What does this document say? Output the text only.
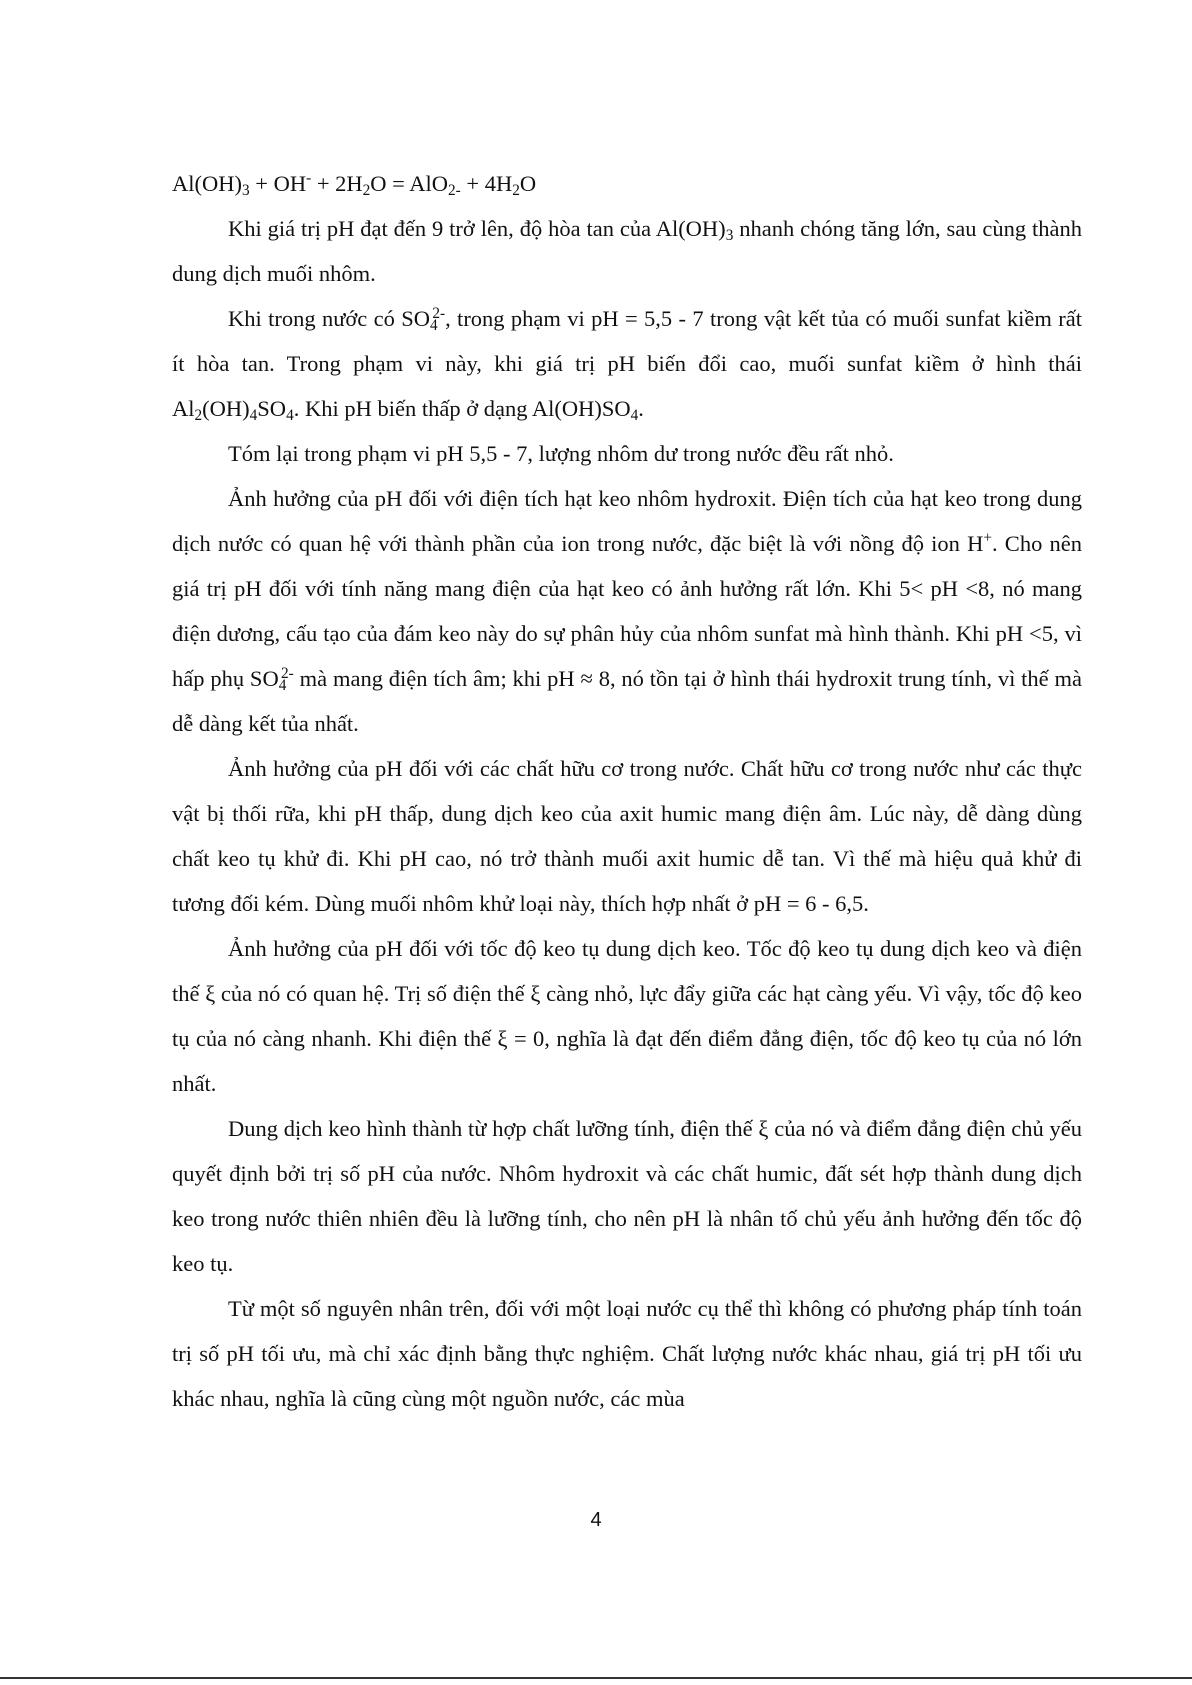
$Al(OH)_3 + OH^- + 2H_2O = AlO_{2-} + 4H_2O$

Khi giá trị pH đạt đến 9 trở lên, độ hòa tan của $Al(OH)_3$ nhanh chóng tăng lớn, sau cùng thành dung dịch muối nhôm.

Khi trong nước có $SO_4^{2-}$, trong phạm vi pH = 5,5 - 7 trong vật kết tủa có muối sunfat kiềm rất ít hòa tan. Trong phạm vi này, khi giá trị pH biến đổi cao, muối sunfat kiềm ở hình thái $Al_2(OH)_4SO_4$. Khi pH biến thấp ở dạng $Al(OH)SO_4$.

Tóm lại trong phạm vi pH 5,5 - 7, lượng nhôm dư trong nước đều rất nhỏ.

Ảnh hưởng của pH đối với điện tích hạt keo nhôm hydroxit. Điện tích của hạt keo trong dung dịch nước có quan hệ với thành phần của ion trong nước, đặc biệt là với nồng độ ion H+. Cho nên giá trị pH đối với tính năng mang điện của hạt keo có ảnh hưởng rất lớn. Khi 5< pH <8, nó mang điện dương, cấu tạo của đám keo này do sự phân hủy của nhôm sunfat mà hình thành. Khi pH <5, vì hấp phụ $SO_4^{2-}$ mà mang điện tích âm; khi pH ≈ 8, nó tồn tại ở hình thái hydroxit trung tính, vì thế mà dễ dàng kết tủa nhất.

Ảnh hưởng của pH đối với các chất hữu cơ trong nước. Chất hữu cơ trong nước như các thực vật bị thối rữa, khi pH thấp, dung dịch keo của axit humic mang điện âm. Lúc này, dễ dàng dùng chất keo tụ khử đi. Khi pH cao, nó trở thành muối axit humic dễ tan. Vì thế mà hiệu quả khử đi tương đối kém. Dùng muối nhôm khử loại này, thích hợp nhất ở pH = 6 - 6,5.

Ảnh hưởng của pH đối với tốc độ keo tụ dung dịch keo. Tốc độ keo tụ dung dịch keo và điện thế ξ của nó có quan hệ. Trị số điện thế ξ càng nhỏ, lực đẩy giữa các hạt càng yếu. Vì vậy, tốc độ keo tụ của nó càng nhanh. Khi điện thế ξ = 0, nghĩa là đạt đến điểm đẳng điện, tốc độ keo tụ của nó lớn nhất.

Dung dịch keo hình thành từ hợp chất lưỡng tính, điện thế ξ của nó và điểm đẳng điện chủ yếu quyết định bởi trị số pH của nước. Nhôm hydroxit và các chất humic, đất sét hợp thành dung dịch keo trong nước thiên nhiên đều là lưỡng tính, cho nên pH là nhân tố chủ yếu ảnh hưởng đến tốc độ keo tụ.

Từ một số nguyên nhân trên, đối với một loại nước cụ thể thì không có phương pháp tính toán trị số pH tối ưu, mà chỉ xác định bằng thực nghiệm. Chất lượng nước khác nhau, giá trị pH tối ưu khác nhau, nghĩa là cũng cùng một nguồn nước, các mùa

4
